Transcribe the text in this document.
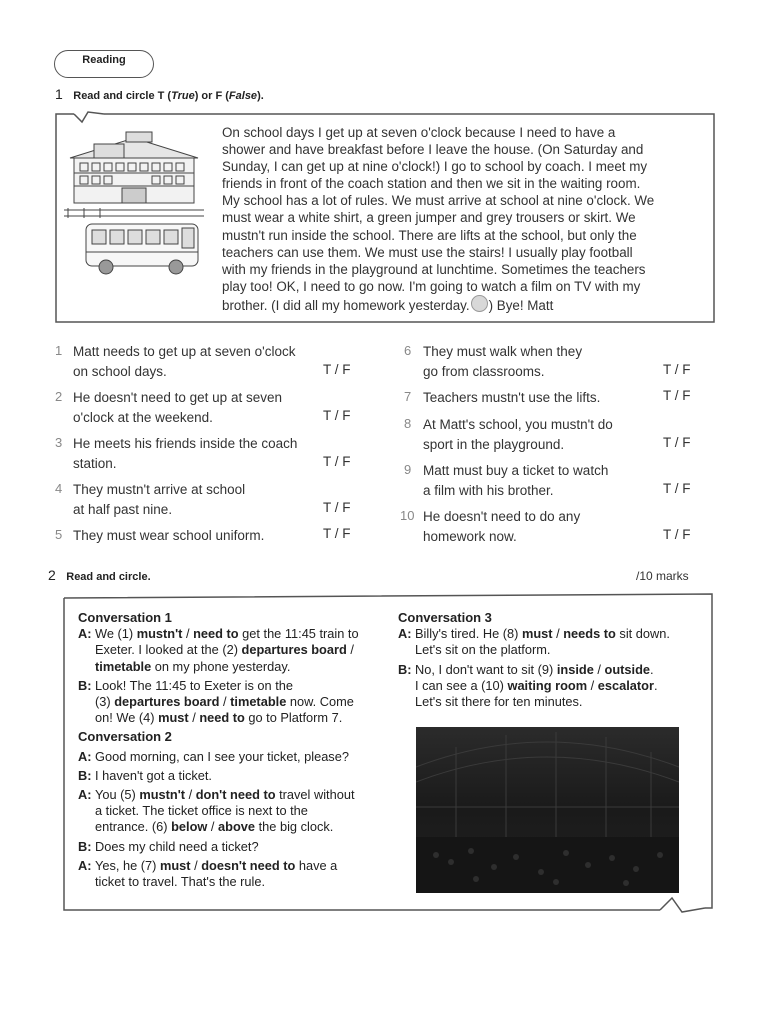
Reading
1 Read and circle T (True) or F (False).
On school days I get up at seven o'clock because I need to have a
shower and have breakfast before I leave the house. (On Saturday and
Sunday, I can get up at nine o'clock!) I go to school by coach. I meet my
friends in front of the coach station and then we sit in the waiting room.
My school has a lot of rules. We must arrive at school at nine o'clock. We
must wear a white shirt, a green jumper and grey trousers or skirt. We
mustn't run inside the school. There are lifts at the school, but only the
teachers can use them. We must use the stairs! I usually play football
with my friends in the playground at lunchtime. Sometimes the teachers
play too! OK, I need to go now. I'm going to watch a film on TV with my
brother. (I did all my homework yesterday. ) Bye! Matt
1 Matt needs to get up at seven o'clock
on school days.	T / F
2 He doesn't need to get up at seven
o'clock at the weekend.	T / F
3 He meets his friends inside the coach
station.	T / F
4 They mustn't arrive at school
at half past nine.	T / F
5 They must wear school uniform.	T / F
6 They must walk when they
go from classrooms.	T / F
7 Teachers mustn't use the lifts.	T / F
8 At Matt's school, you mustn't do
sport in the playground.	T / F
9 Matt must buy a ticket to watch
a film with his brother.	T / F
10 He doesn't need to do any
homework now.	T / F
2 Read and circle.	/10 marks
Conversation 1
A: We (1) mustn't / need to get the 11:45 train to
Exeter. I looked at the (2) departures board /
timetable on my phone yesterday.
B: Look! The 11:45 to Exeter is on the
(3) departures board / timetable now. Come
on! We (4) must / need to go to Platform 7.
Conversation 2
A: Good morning, can I see your ticket, please?
B: I haven't got a ticket.
A: You (5) mustn't / don't need to travel without
a ticket. The ticket office is next to the
entrance. (6) below / above the big clock.
B: Does my child need a ticket?
A: Yes, he (7) must / doesn't need to have a
ticket to travel. That's the rule.
Conversation 3
A: Billy's tired. He (8) must / needs to sit down.
Let's sit on the platform.
B: No, I don't want to sit (9) inside / outside.
I can see a (10) waiting room / escalator.
Let's sit there for ten minutes.
